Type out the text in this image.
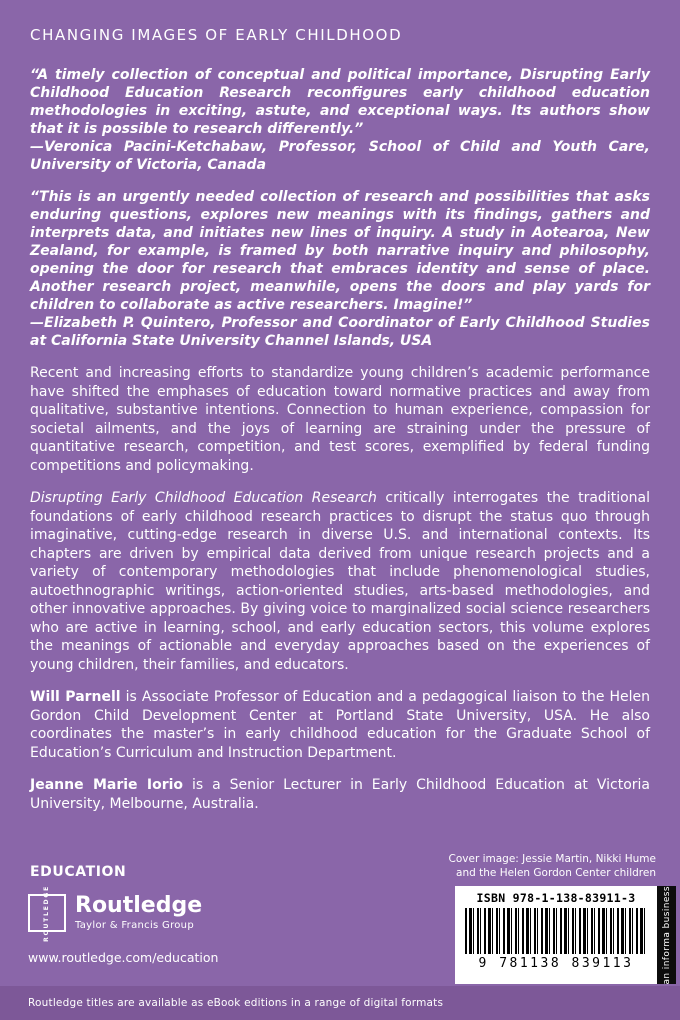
CHANGING IMAGES OF EARLY CHILDHOOD

“A timely collection of conceptual and political importance, Disrupting Early Childhood Education Research reconfigures early childhood education methodologies in exciting, astute, and exceptional ways. Its authors show that it is possible to research differently.”

—Veronica Pacini-Ketchabaw, Professor, School of Child and Youth Care, University of Victoria, Canada

“This is an urgently needed collection of research and possibilities that asks enduring questions, explores new meanings with its findings, gathers and interprets data, and initiates new lines of inquiry. A study in Aotearoa, New Zealand, for example, is framed by both narrative inquiry and philosophy, opening the door for research that embraces identity and sense of place. Another research project, meanwhile, opens the doors and play yards for children to collaborate as active researchers. Imagine!”

—Elizabeth P. Quintero, Professor and Coordinator of Early Childhood Studies at California State University Channel Islands, USA

Recent and increasing efforts to standardize young children’s academic performance have shifted the emphases of education toward normative practices and away from qualitative, substantive intentions. Connection to human experience, compassion for societal ailments, and the joys of learning are straining under the pressure of quantitative research, competition, and test scores, exemplified by federal funding competitions and policymaking.

Disrupting Early Childhood Education Research critically interrogates the traditional foundations of early childhood research practices to disrupt the status quo through imaginative, cutting-edge research in diverse U.S. and international contexts. Its chapters are driven by empirical data derived from unique research projects and a variety of contemporary methodologies that include phenomenological studies, autoethnographic writings, action-oriented studies, arts-based methodologies, and other innovative approaches. By giving voice to marginalized social science researchers who are active in learning, school, and early education sectors, this volume explores the meanings of actionable and everyday approaches based on the experiences of young children, their families, and educators.

Will Parnell is Associate Professor of Education and a pedagogical liaison to the Helen Gordon Child Development Center at Portland State University, USA. He also coordinates the master’s in early childhood education for the Graduate School of Education’s Curriculum and Instruction Department.

Jeanne Marie Iorio is a Senior Lecturer in Early Childhood Education at Victoria University, Melbourne, Australia.

EDUCATION
Cover image: Jessie Martin, Nikki Hume
and the Helen Gordon Center children
ROUTLEDGE Routledge
Taylor & Francis Group
www.routledge.com/education
ISBN 978-1-138-83911-3
9 781138 839113	an informa business
Routledge titles are available as eBook editions in a range of digital formats
